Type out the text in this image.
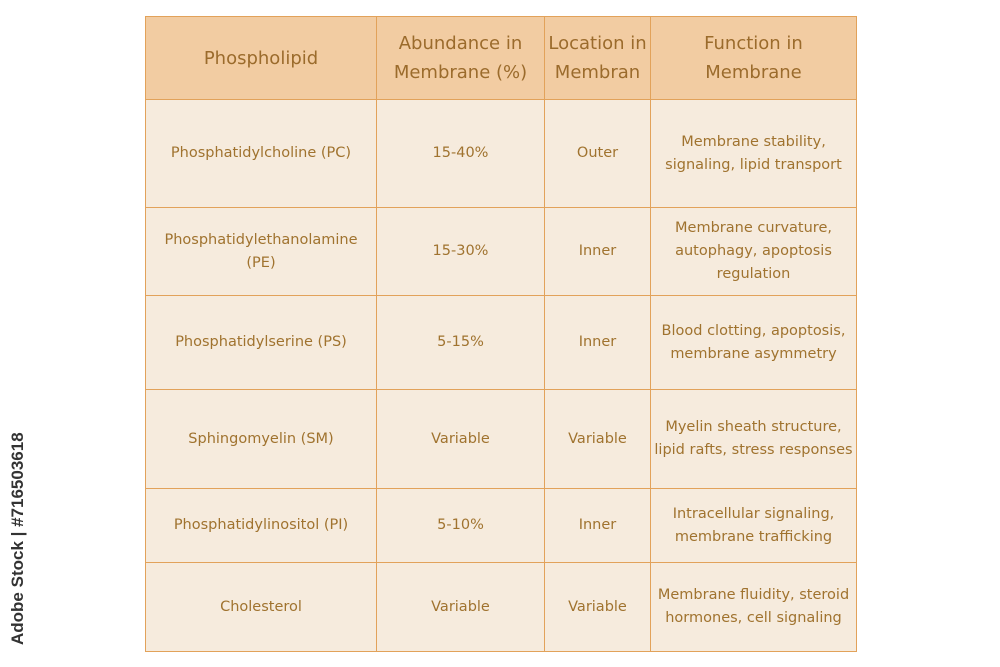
Phospholipid	Abundance in Membrane (%)	Location in Membran	Function in Membrane
Phosphatidylcholine (PC)	15-40%	Outer	Membrane stability, signaling, lipid transport
Phosphatidylethanolamine (PE)	15-30%	Inner	Membrane curvature, autophagy, apoptosis regulation
Phosphatidylserine (PS)	5-15%	Inner	Blood clotting, apoptosis, membrane asymmetry
Sphingomyelin (SM)	Variable	Variable	Myelin sheath structure, lipid rafts, stress responses
Phosphatidylinositol (PI)	5-10%	Inner	Intracellular signaling, membrane trafficking
Cholesterol	Variable	Variable	Membrane fluidity, steroid hormones, cell signaling
Adobe Stock | #716503618
